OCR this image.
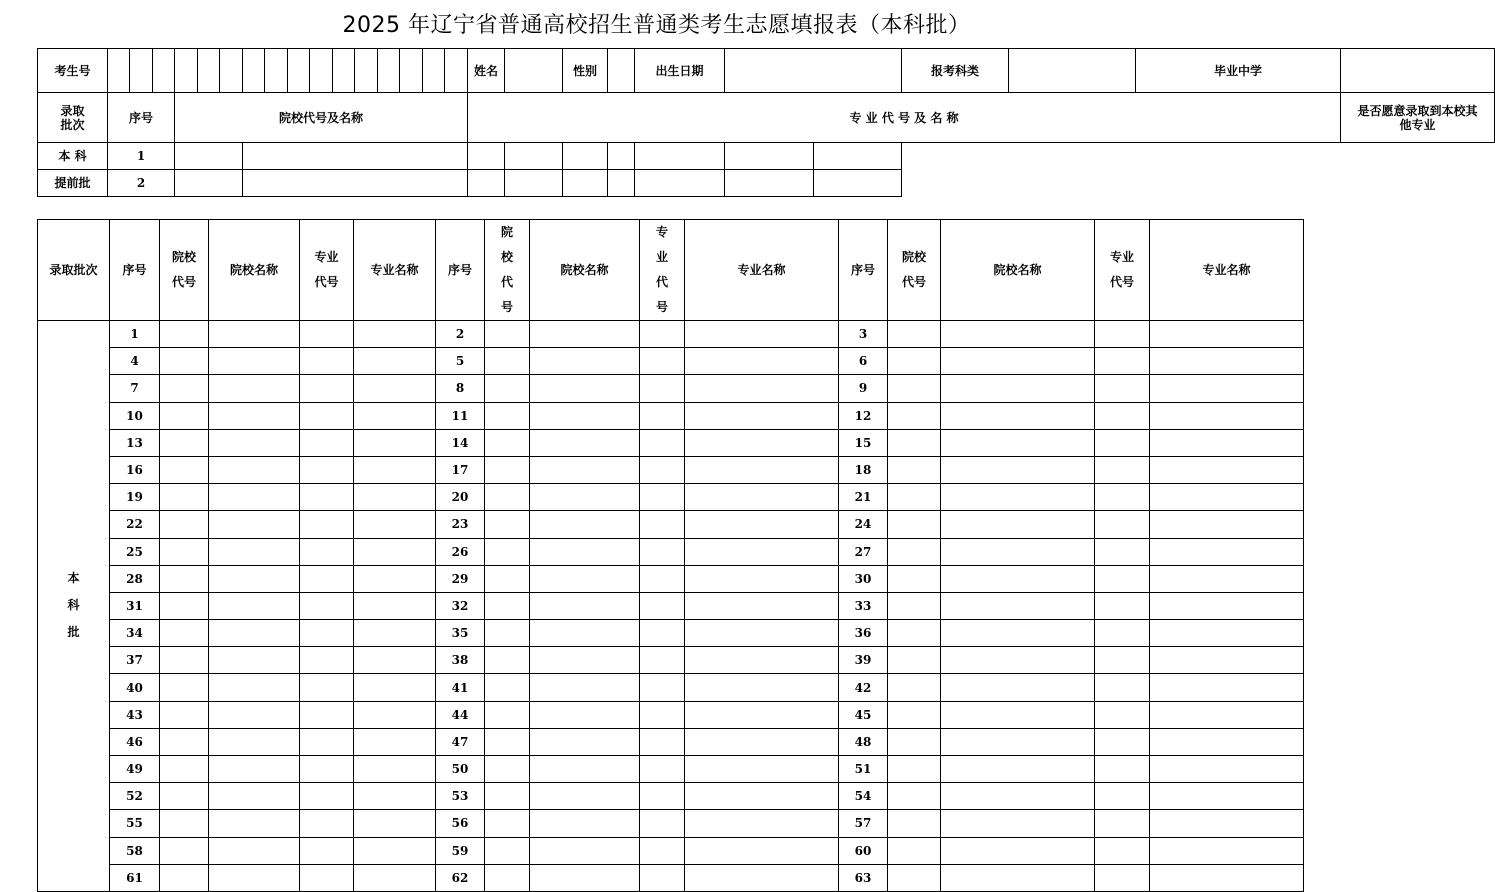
2025 年辽宁省普通高校招生普通类考生志愿填报表（本科批）
考生号																	姓名		性别		出生日期			报考科类		毕业中学	
录取批次	序号			院校代号及名称													专 业 代 号 及 名 称										是否愿意录取到本校其他专业
本 科	1																										
提前批	2																										
录取批次	序号	院校代号	院校名称	专业代号	专业名称	序号	院校代号	院校名称	专业代号	专业名称	序号	院校代号	院校名称	专业代号	专业名称
本科批	1					2					3				
	4					5					6				
	7					8					9				
	10					11					12				
	13					14					15				
	16					17					18				
	19					20					21				
	22					23					24				
	25					26					27				
	28					29					30				
	31					32					33				
	34					35					36				
	37					38					39				
	40					41					42				
	43					44					45				
	46					47					48				
	49					50					51				
	52					53					54				
	55					56					57				
	58					59					60				
	61					62					63				
